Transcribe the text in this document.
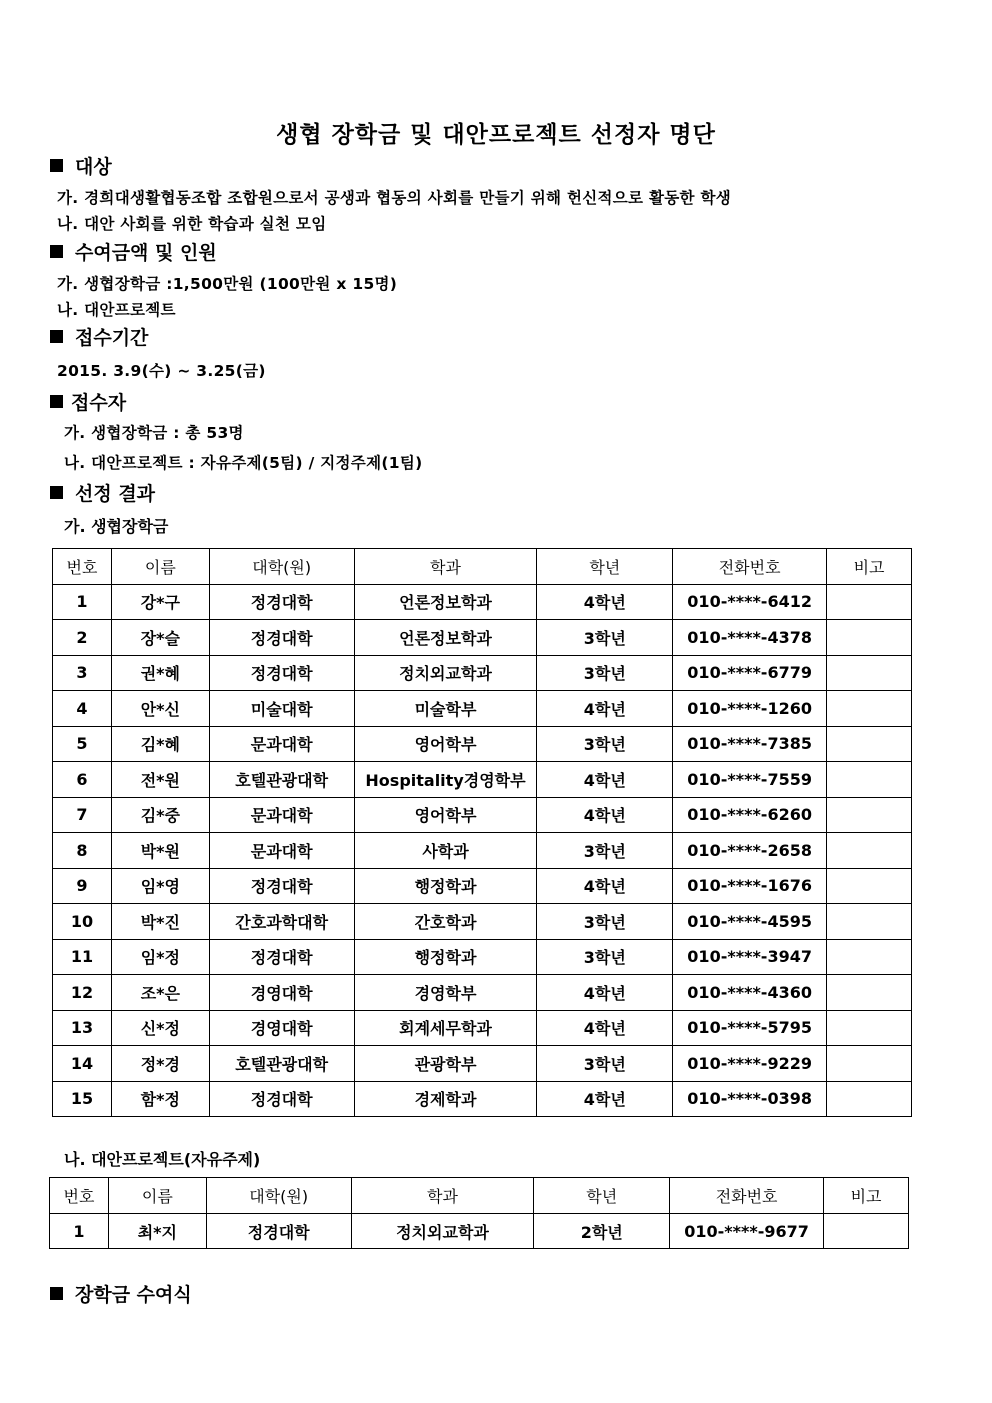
생협 장학금 및 대안프로젝트 선정자 명단
대상
가. 경희대생활협동조합 조합원으로서 공생과 협동의 사회를 만들기 위해 헌신적으로 활동한 학생
나. 대안 사회를 위한 학습과 실천 모임
수여금액 및 인원
가. 생협장학금 :1,500만원 (100만원 x 15명)
나. 대안프로젝트
접수기간
2015. 3.9(수) ~ 3.25(금)
접수자
가. 생협장학금 : 총 53명
나. 대안프로젝트 : 자유주제(5팀) / 지정주제(1팀)
선정 결과
가. 생협장학금
번호	이름	대학(원)	학과	학년	전화번호	비고
1	강*구	정경대학	언론정보학과	4학년	010-****-6412	
2	장*슬	정경대학	언론정보학과	3학년	010-****-4378	
3	권*혜	정경대학	정치외교학과	3학년	010-****-6779	
4	안*신	미술대학	미술학부	4학년	010-****-1260	
5	김*혜	문과대학	영어학부	3학년	010-****-7385	
6	전*원	호텔관광대학	Hospitality경영학부	4학년	010-****-7559	
7	김*중	문과대학	영어학부	4학년	010-****-6260	
8	박*원	문과대학	사학과	3학년	010-****-2658	
9	임*영	정경대학	행정학과	4학년	010-****-1676	
10	박*진	간호과학대학	간호학과	3학년	010-****-4595	
11	임*정	정경대학	행정학과	3학년	010-****-3947	
12	조*은	경영대학	경영학부	4학년	010-****-4360	
13	신*정	경영대학	회계세무학과	4학년	010-****-5795	
14	정*경	호텔관광대학	관광학부	3학년	010-****-9229	
15	함*정	정경대학	경제학과	4학년	010-****-0398	
나. 대안프로젝트(자유주제)
번호	이름	대학(원)	학과	학년	전화번호	비고
1	최*지	정경대학	정치외교학과	2학년	010-****-9677	
장학금 수여식
